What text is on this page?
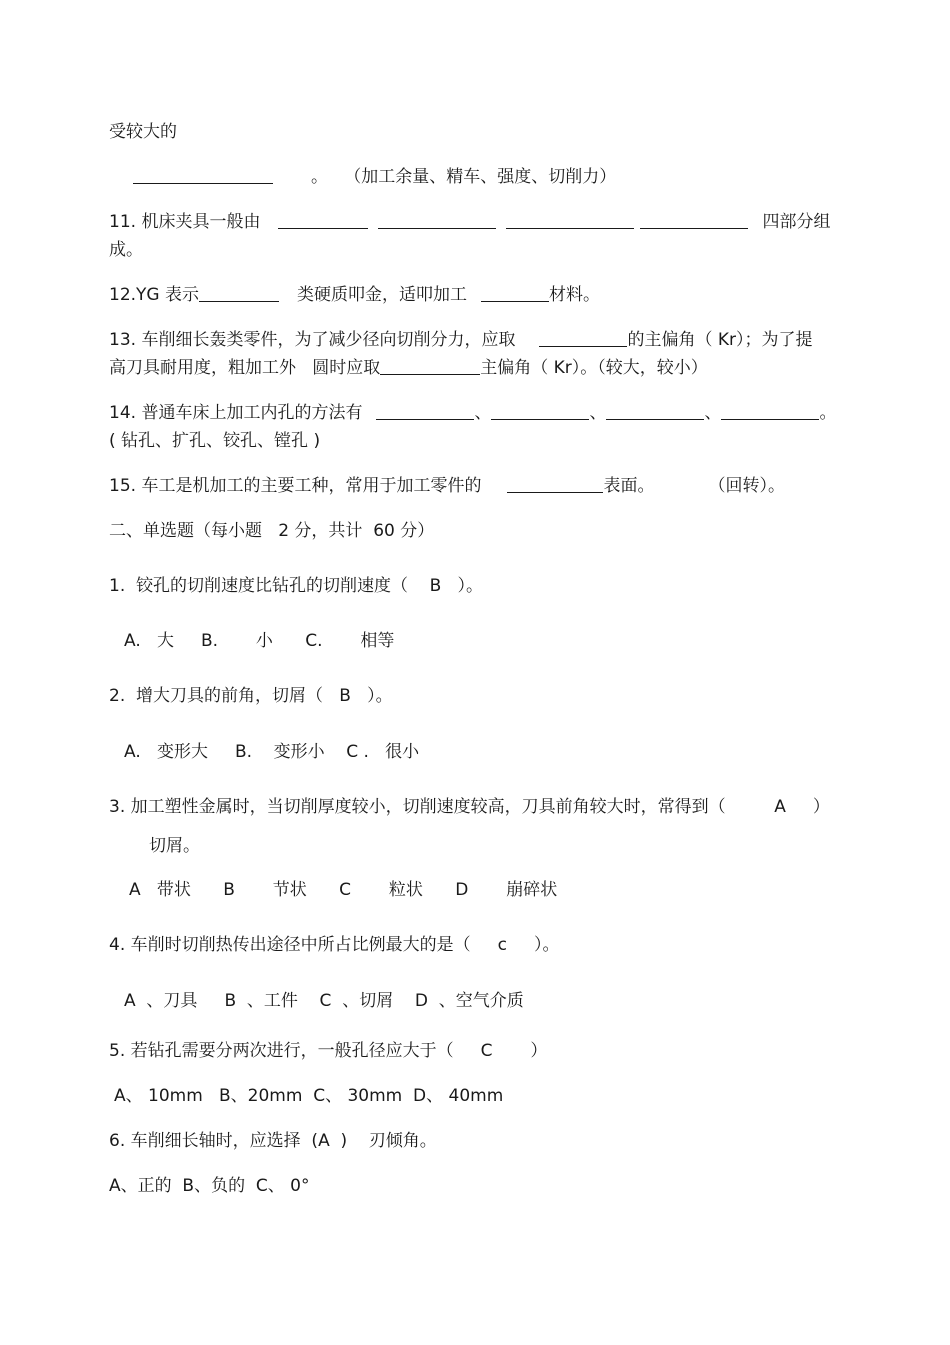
受较大的
。   （加工余量、精车、强度、切削力）
11. 机床夹具一般由	四部分组
成。
12.YG 表示	类硬质叩金，适叩加工	材料。
13. 车削细长轰类零件，为了减少径向切削分力，应取	的主偏角（ Kr）；为了提
高刀具耐用度，粗加工外   圆时应取	主偏角（ Kr）。（较大，较小）
14. 普通车床上加工内孔的方法有	、	、	、	。
( 钻孔、扩孔、铰孔、镗孔 )
15. 车工是机加工的主要工种，常用于加工零件的	表面。          （回转）。
二、单选题（每小题   2 分，共计  60 分）
1.  铰孔的切削速度比钻孔的切削速度（    B   ）。
A.   大     B.       小      C.       相等
2.  增大刀具的前角，切屑（   B   ）。
A.   变形大     B.    变形小    C .   很小
3. 加工塑性金属时，当切削厚度较小，切削速度较高，刀具前角较大时，常得到（         A     ）
切屑。
A   带状      B       节状      C       粒状      D       崩碎状
4. 车削时切削热传出途径中所占比例最大的是（     c     ）。
A  、刀具     B  、工件    C  、切屑    D  、空气介质
5. 若钻孔需要分两次进行，一般孔径应大于（     C       ）
A、 10mm   B、20mm  C、 30mm  D、 40mm
6. 车削细长轴时，应选择  (A  )    刃倾角。
A、正的  B、负的  C、 0°
